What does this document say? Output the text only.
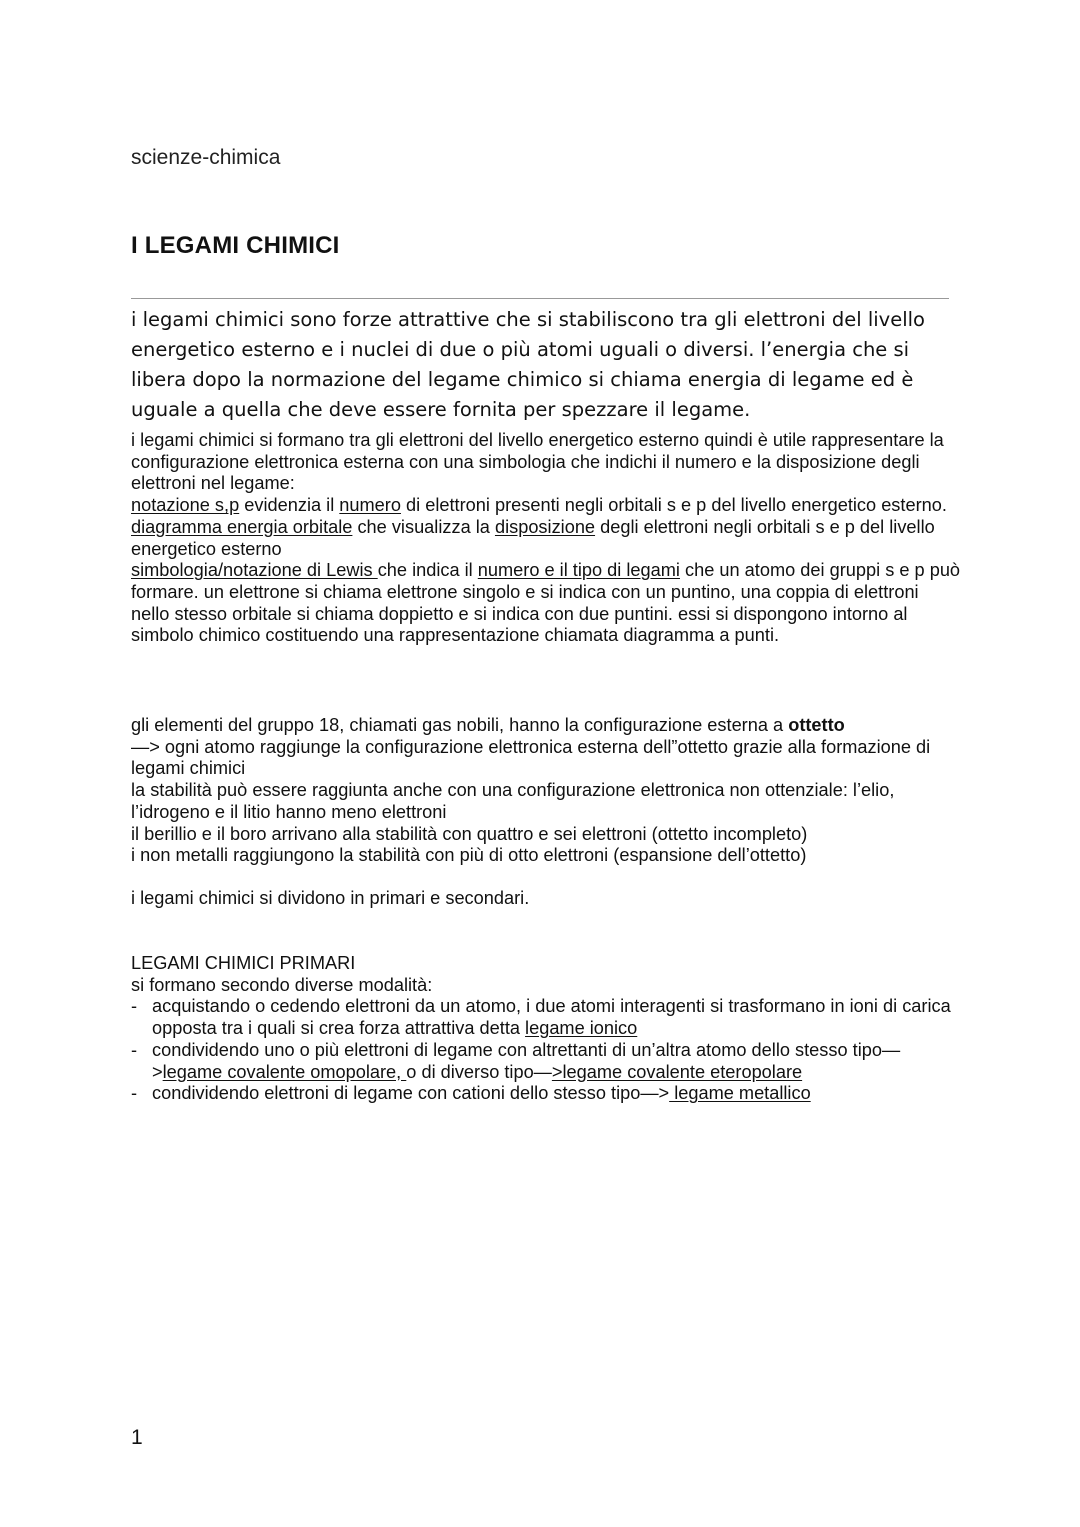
scienze-chimica
I LEGAMI CHIMICI

i legami chimici sono forze attrattive che si stabiliscono tra gli elettroni del livello energetico esterno e i nuclei di due o più atomi uguali o diversi. l’energia che si libera dopo la normazione del legame chimico si chiama energia di legame ed è uguale a quella che deve essere fornita per spezzare il legame.

i legami chimici si formano tra gli elettroni del livello energetico esterno quindi è utile rappresentare la configurazione elettronica esterna con una simbologia che indichi il numero e la disposizione degli elettroni nel legame:
notazione s,p evidenzia il numero di elettroni presenti negli orbitali s e p del livello energetico esterno.
diagramma energia orbitale che visualizza la disposizione degli elettroni negli orbitali s e p del livello energetico esterno
simbologia/notazione di Lewis che indica il numero e il tipo di legami che un atomo dei gruppi s e p può formare. un elettrone si chiama elettrone singolo e si indica con un puntino, una coppia di elettroni nello stesso orbitale si chiama doppietto e si indica con due puntini. essi si dispongono intorno al simbolo chimico costituendo una rappresentazione chiamata diagramma a punti.

gli elementi del gruppo 18, chiamati gas nobili, hanno la configurazione esterna a ottetto

—> ogni atomo raggiunge la configurazione elettronica esterna dell”ottetto grazie alla formazione di legami chimici

la stabilità può essere raggiunta anche con una configurazione elettronica non ottenziale: l’elio, l’idrogeno e il litio hanno meno elettroni

il berillio e il boro arrivano alla stabilità con quattro e sei elettroni (ottetto incompleto)

i non metalli raggiungono la stabilità con più di otto elettroni (espansione dell’ottetto)

i legami chimici si dividono in primari e secondari.

LEGAMI CHIMICI PRIMARI

si formano secondo diverse modalità:

- acquistando o cedendo elettroni da un atomo, i due atomi interagenti si trasformano in ioni di carica opposta tra i quali si crea forza attrattiva detta legame ionico
- condividendo uno o più elettroni di legame con altrettanti di un’altra atomo dello stesso tipo—>legame covalente omopolare, o di diverso tipo—>legame covalente eteropolare
- condividendo elettroni di legame con cationi dello stesso tipo—> legame metallico
1
